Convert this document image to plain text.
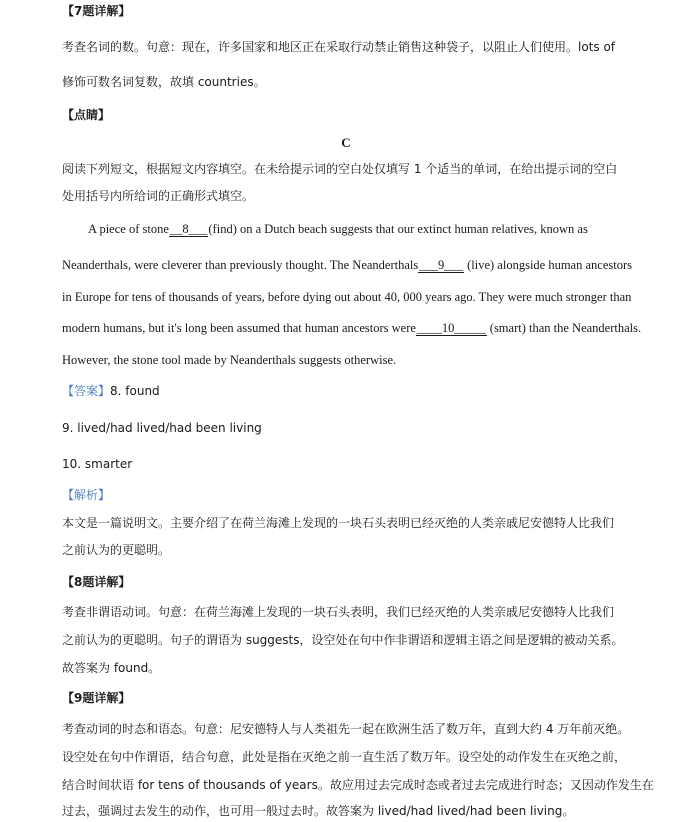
【7题详解】
考查名词的数。句意：现在，许多国家和地区正在采取行动禁止销售这种袋子，以阻止人们使用。lots of
修饰可数名词复数，故填 countries。
【点睛】
C
阅读下列短文，根据短文内容填空。在未给提示词的空白处仅填写 1 个适当的单词，在给出提示词的空白
处用括号内所给词的正确形式填空。
A piece of stone__8___(find) on a Dutch beach suggests that our extinct human relatives, known as
Neanderthals, were cleverer than previously thought. The Neanderthals___9___ (live) alongside human ancestors
in Europe for tens of thousands of years, before dying out about 40, 000 years ago. They were much stronger than
modern humans, but it's long been assumed that human ancestors were____10_____ (smart) than the Neanderthals.
However, the stone tool made by Neanderthals suggests otherwise.
【答案】8. found
9. lived/had lived/had been living
10. smarter
【解析】
本文是一篇说明文。主要介绍了在荷兰海滩上发现的一块石头表明已经灭绝的人类亲戚尼安德特人比我们
之前认为的更聪明。
【8题详解】
考查非谓语动词。句意：在荷兰海滩上发现的一块石头表明，我们已经灭绝的人类亲戚尼安德特人比我们
之前认为的更聪明。句子的谓语为 suggests，设空处在句中作非谓语和逻辑主语之间是逻辑的被动关系。
故答案为 found。
【9题详解】
考查动词的时态和语态。句意：尼安德特人与人类祖先一起在欧洲生活了数万年，直到大约 4 万年前灭绝。
设空处在句中作谓语，结合句意，此处是指在灭绝之前一直生活了数万年。设空处的动作发生在灭绝之前，
结合时间状语 for tens of thousands of years。故应用过去完成时态或者过去完成进行时态；又因动作发生在
过去，强调过去发生的动作，也可用一般过去时。故答案为 lived/had lived/had been living。
